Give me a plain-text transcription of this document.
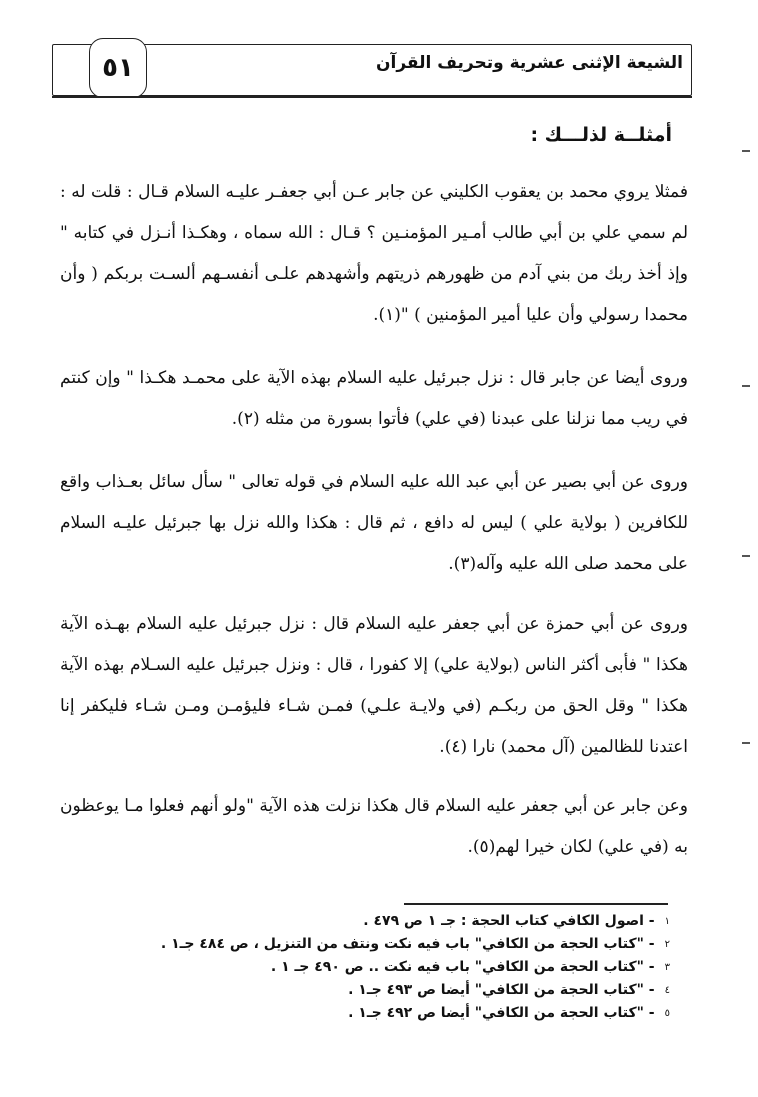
٥١	الشيعة الإثنى عشرية وتحريف القرآن
أمثلــة لذلـــك :
فمثلا يروي محمد بن يعقوب الكليني عن جابر عـن أبي جعفـر عليـه السلام قـال : قلت له : لم سمي علي بن أبي طالب أمـير المؤمنـين ؟ قـال : الله سماه ، وهكـذا أنـزل في كتابه " وإذ أخذ ربك من بني آدم من ظهورهم ذريتهم وأشهدهم علـى أنفسـهم ألسـت بربكم ( وأن محمدا رسولي وأن عليا أمير المؤمنين ) "(١).
وروى أيضا عن جابر قال : نزل جبرئيل عليه السلام بهذه الآية على محمـد هكـذا " وإن كنتم في ريب مما نزلنا على عبدنا (في علي) فأتوا بسورة من مثله (٢).
وروى عن أبي بصير عن أبي عبد الله عليه السلام في قوله تعالى " سأل سائل بعـذاب واقع للكافرين ( بولاية علي ) ليس له دافع ، ثم قال : هكذا والله نزل بها جبرئيل عليـه السلام على محمد صلى الله عليه وآله(٣).
وروى عن أبي حمزة عن أبي جعفر عليه السلام قال : نزل جبرئيل عليه السلام بهـذه الآية هكذا " فأبى أكثر الناس (بولاية علي) إلا كفورا ، قال : ونزل جبرئيل عليه السـلام بهذه الآية هكذا " وقل الحق من ربكـم (في ولايـة علـي) فمـن شـاء فليؤمـن ومـن شـاء فليكفر إنا اعتدنا للظالمين (آل محمد) نارا (٤).
وعن جابر عن أبي جعفر عليه السلام قال هكذا نزلت هذه الآية "ولو أنهم فعلوا مـا يوعظون به (في علي) لكان خيرا لهم(٥).
$^١$- اصول الكافي كتاب الحجة : جـ ١ ص ٤٧٩ .
$^٢$- "كتاب الحجة من الكافي" باب فيه نكت ونتف من التنزيل ، ص ٤٨٤ جـ١ .
$^٣$- "كتاب الحجة من الكافي" باب فيه نكت .. ص ٤٩٠ جـ ١ .
$^٤$- "كتاب الحجة من الكافي" أيضا ص ٤٩٣ جـ١ .
$^٥$- "كتاب الحجة من الكافي" أيضا ص ٤٩٢ جـ١ .
